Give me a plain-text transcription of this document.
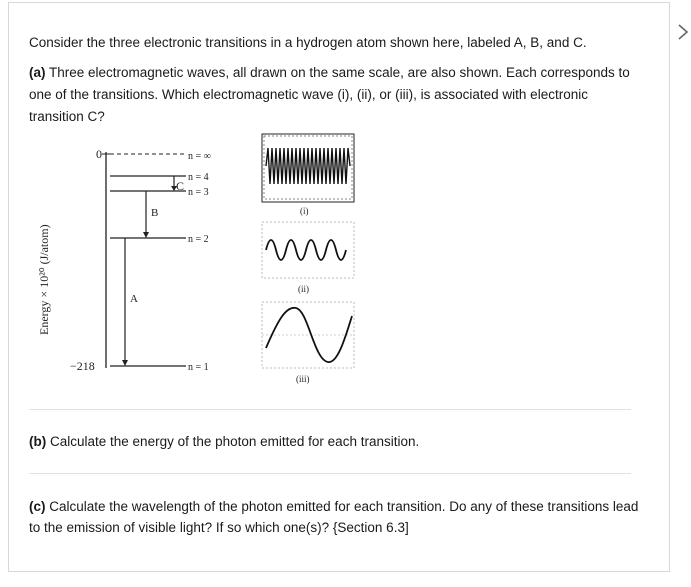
Consider the three electronic transitions in a hydrogen atom shown here, labeled A, B, and C.
(a) Three electromagnetic waves, all drawn on the same scale, are also shown. Each corresponds to one of the transitions. Which electromagnetic wave (i), (ii), or (iii), is associated with electronic transition C?
Energy × 10²⁰ (J/atom)
0
−218
n = ∞
n = 4
n = 3
n = 2
n = 1
C
B
A
(i)
(ii)
(iii)
(b) Calculate the energy of the photon emitted for each transition.
(c) Calculate the wavelength of the photon emitted for each transition. Do any of these transitions lead to the emission of visible light? If so which one(s)? {Section 6.3]
